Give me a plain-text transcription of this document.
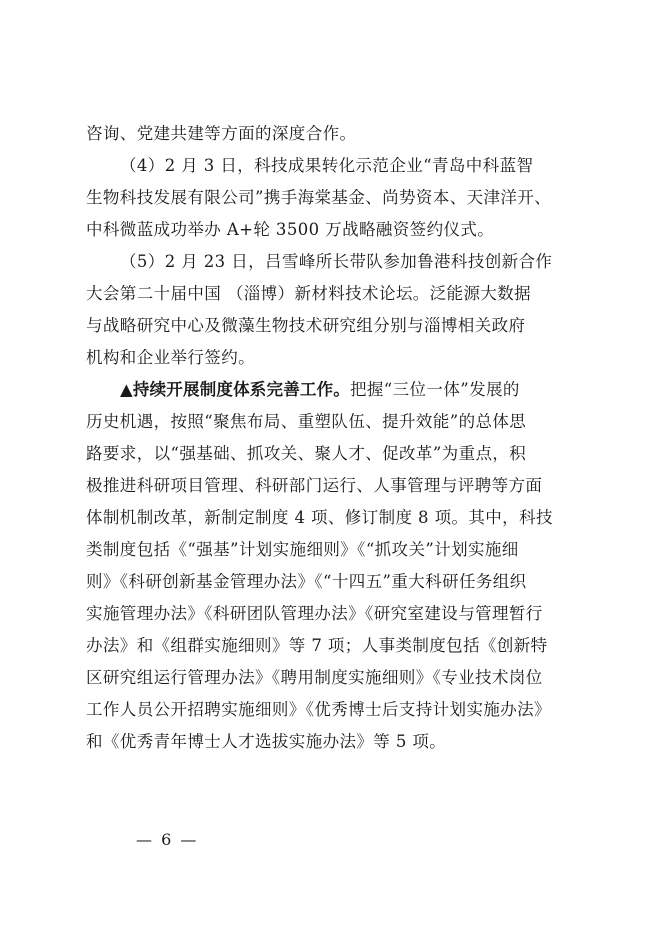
咨询、党建共建等方面的深度合作。
（4）2 月 3 日，科技成果转化示范企业“青岛中科蓝智
生物科技发展有限公司”携手海棠基金、尚势资本、天津洋开、
中科微蓝成功举办 A+轮 3500 万战略融资签约仪式。
（5）2 月 23 日，吕雪峰所长带队参加鲁港科技创新合作
大会第二十届中国 （淄博）新材料技术论坛。泛能源大数据
与战略研究中心及微藻生物技术研究组分别与淄博相关政府
机构和企业举行签约。
▲持续开展制度体系完善工作。把握“三位一体”发展的
历史机遇，按照“聚焦布局、重塑队伍、提升效能”的总体思
路要求，以“强基础、抓攻关、聚人才、促改革”为重点，积
极推进科研项目管理、科研部门运行、人事管理与评聘等方面
体制机制改革，新制定制度 4 项、修订制度 8 项。其中，科技
类制度包括《“强基”计划实施细则》《“抓攻关”计划实施细
则》《科研创新基金管理办法》《“十四五”重大科研任务组织
实施管理办法》《科研团队管理办法》《研究室建设与管理暂行
办法》和《组群实施细则》等 7 项；人事类制度包括《创新特
区研究组运行管理办法》《聘用制度实施细则》《专业技术岗位
工作人员公开招聘实施细则》《优秀博士后支持计划实施办法》
和《优秀青年博士人才选拔实施办法》等 5 项。
— 6 —
